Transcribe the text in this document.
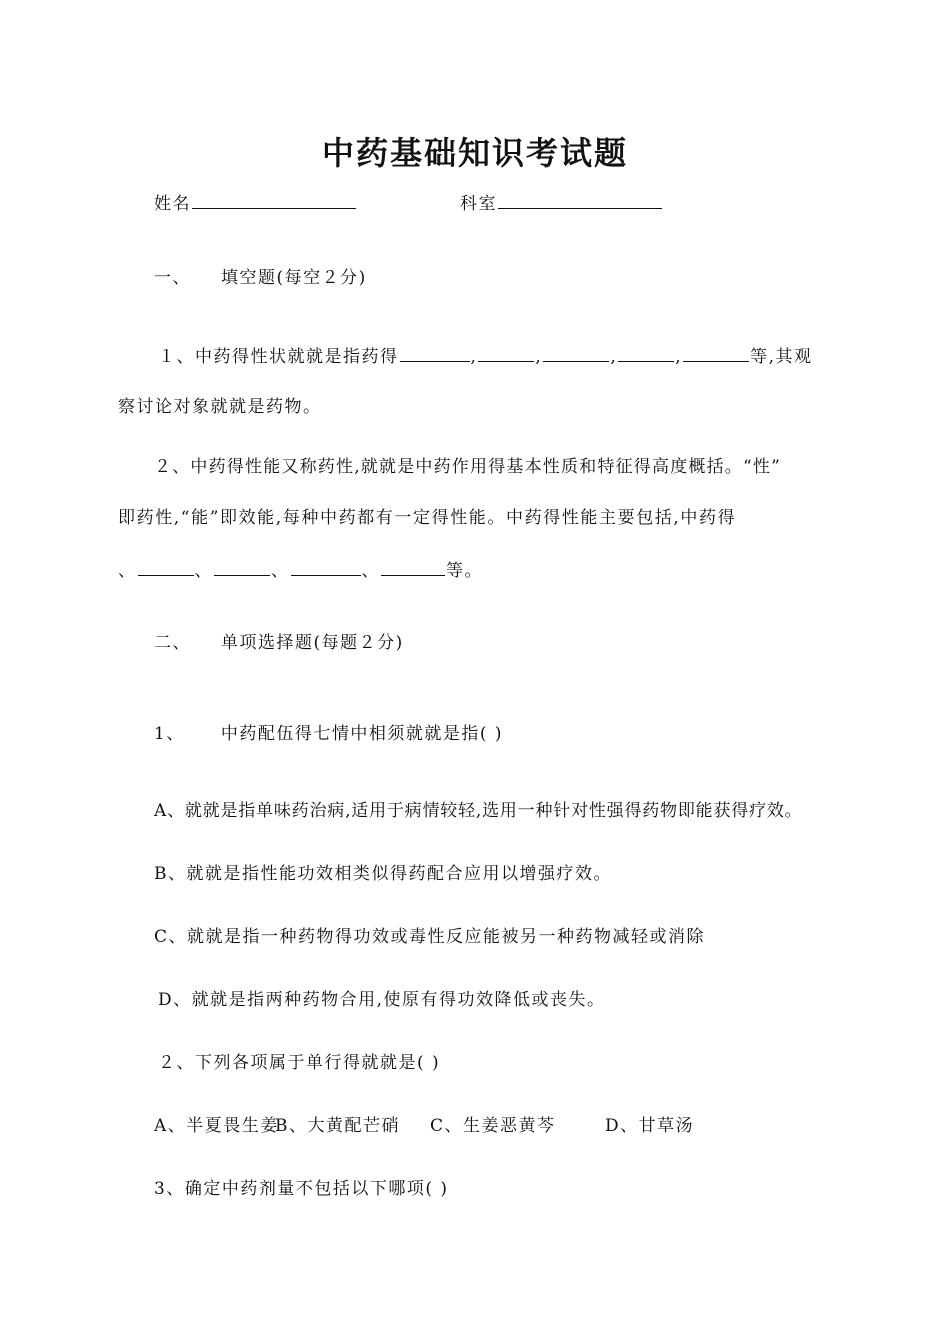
中药基础知识考试题
姓名	科室
一、 填空题(每空２分)
１、中药得性状就就是指药得	,	,	,	,	等,其观
察讨论对象就就是药物。
２、中药得性能又称药性,就就是中药作用得基本性质和特征得高度概括。“性”
即药性,“能”即效能,每种中药都有一定得性能。中药得性能主要包括,中药得
、	、	、	、	等。
二、 单项选择题(每题２分)
1、 中药配伍得七情中相须就就是指( )
A、就就是指单味药治病,适用于病情较轻,选用一种针对性强得药物即能获得疗效。
B、就就是指性能功效相类似得药配合应用以增强疗效。
C、就就是指一种药物得功效或毒性反应能被另一种药物减轻或消除
D、就就是指两种药物合用,使原有得功效降低或丧失。
２、下列各项属于单行得就就是( )
A、半夏畏生姜
B、大黄配芒硝 C、生姜恶黄芩	D、甘草汤
3、确定中药剂量不包括以下哪项( )
